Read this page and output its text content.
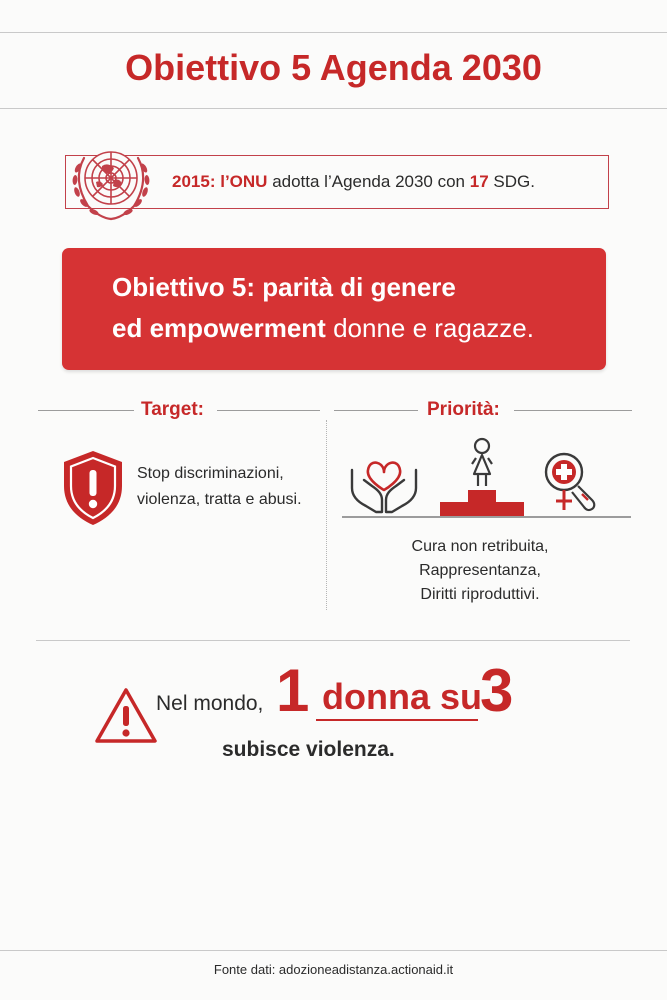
Obiettivo 5 Agenda 2030
2015: l’ONU adotta l’Agenda 2030 con 17 SDG.
Obiettivo 5: parità di genere
ed empowerment donne e ragazze.
Target:	Priorità:
Stop discriminazioni,
violenza, tratta e abusi.
Cura non retribuita,
Rappresentanza,
Diritti riproduttivi.
Nel mondo, 1 donna su
3
subisce violenza.
Fonte dati: adozioneadistanza.actionaid.it
